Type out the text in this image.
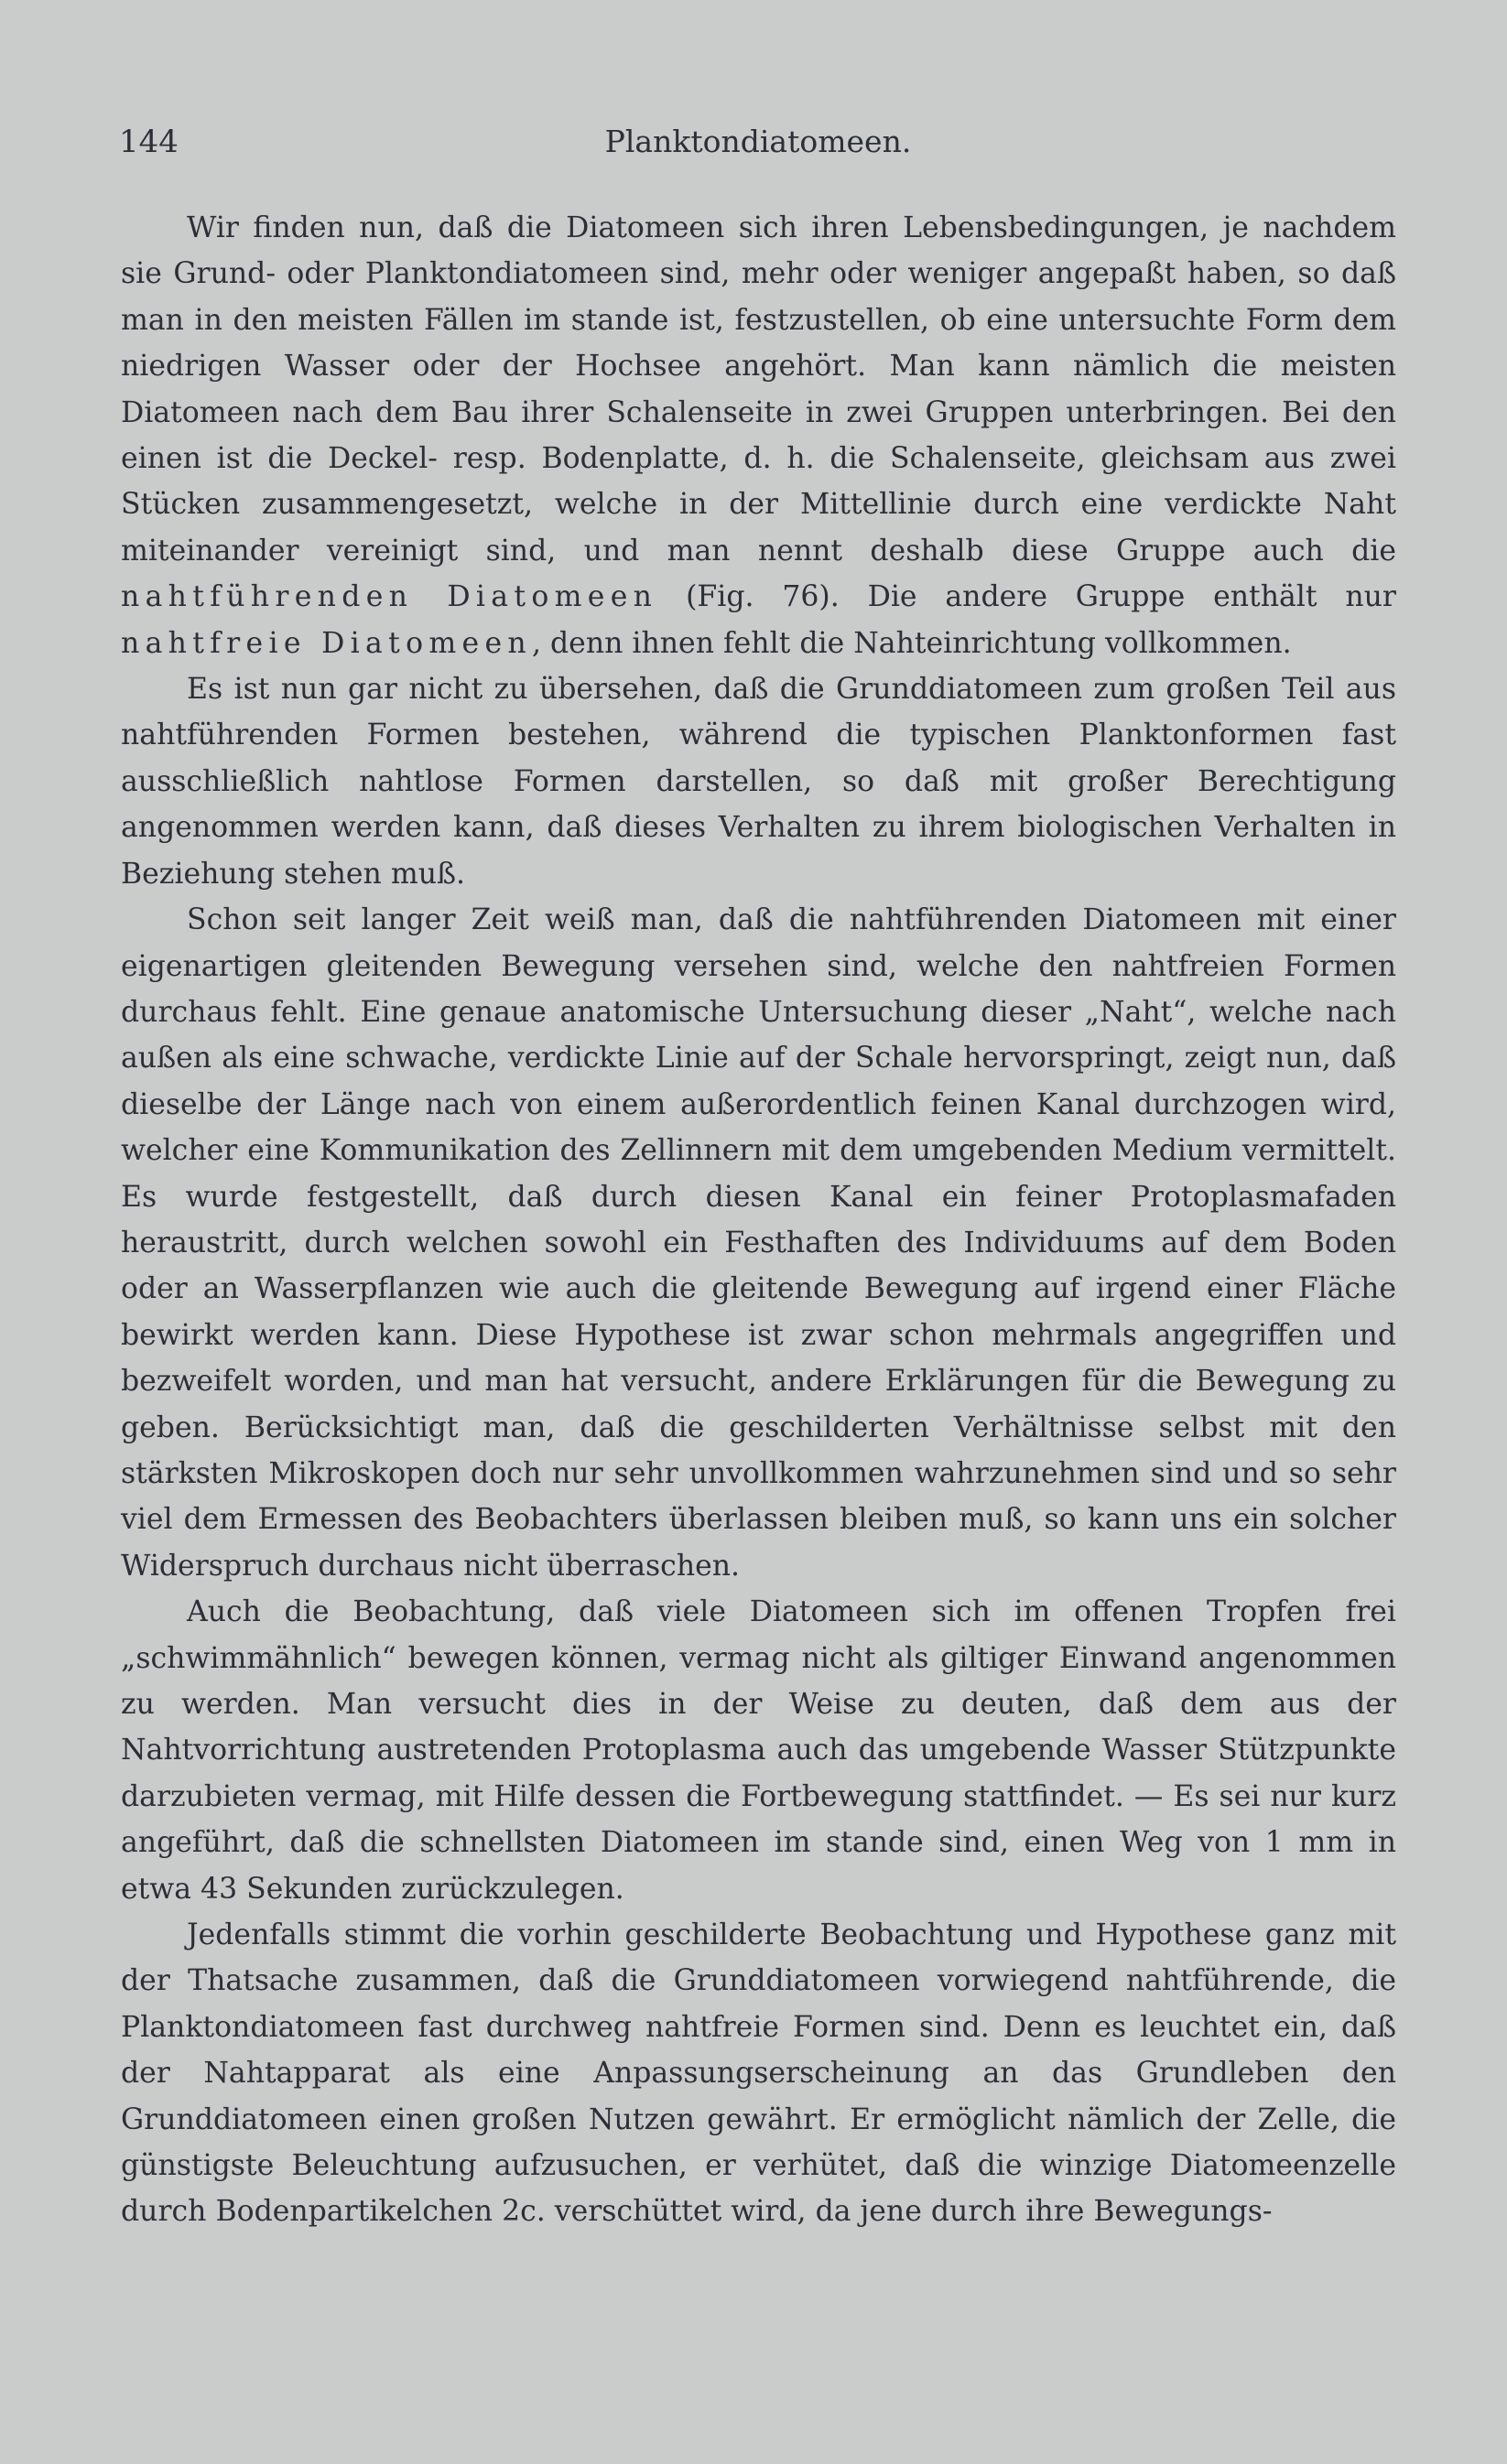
144	Planktondiatomeen.

Wir finden nun, daß die Diatomeen sich ihren Lebensbedingungen, je nachdem sie Grund- oder Planktondiatomeen sind, mehr oder weniger angepaßt haben, so daß man in den meisten Fällen im stande ist, festzustellen, ob eine untersuchte Form dem niedrigen Wasser oder der Hochsee angehört. Man kann nämlich die meisten Diatomeen nach dem Bau ihrer Schalenseite in zwei Gruppen unterbringen. Bei den einen ist die Deckel- resp. Bodenplatte, d. h. die Schalenseite, gleichsam aus zwei Stücken zusammengesetzt, welche in der Mittellinie durch eine verdickte Naht miteinander vereinigt sind, und man nennt deshalb diese Gruppe auch die nahtführenden Diatomeen (Fig. 76). Die andere Gruppe enthält nur nahtfreie Diatomeen, denn ihnen fehlt die Nahteinrichtung vollkommen.

Es ist nun gar nicht zu übersehen, daß die Grunddiatomeen zum großen Teil aus nahtführenden Formen bestehen, während die typischen Planktonformen fast ausschließlich nahtlose Formen darstellen, so daß mit großer Berechtigung angenommen werden kann, daß dieses Verhalten zu ihrem biologischen Verhalten in Beziehung stehen muß.

Schon seit langer Zeit weiß man, daß die nahtführenden Diatomeen mit einer eigenartigen gleitenden Bewegung versehen sind, welche den nahtfreien Formen durchaus fehlt. Eine genaue anatomische Untersuchung dieser „Naht“, welche nach außen als eine schwache, verdickte Linie auf der Schale hervorspringt, zeigt nun, daß dieselbe der Länge nach von einem außerordentlich feinen Kanal durchzogen wird, welcher eine Kommunikation des Zellinnern mit dem umgebenden Medium vermittelt. Es wurde festgestellt, daß durch diesen Kanal ein feiner Protoplasmafaden heraustritt, durch welchen sowohl ein Festhaften des Individuums auf dem Boden oder an Wasserpflanzen wie auch die gleitende Bewegung auf irgend einer Fläche bewirkt werden kann. Diese Hypothese ist zwar schon mehrmals angegriffen und bezweifelt worden, und man hat versucht, andere Erklärungen für die Bewegung zu geben. Berücksichtigt man, daß die geschilderten Verhältnisse selbst mit den stärksten Mikroskopen doch nur sehr unvollkommen wahrzunehmen sind und so sehr viel dem Ermessen des Beobachters überlassen bleiben muß, so kann uns ein solcher Widerspruch durchaus nicht überraschen.

Auch die Beobachtung, daß viele Diatomeen sich im offenen Tropfen frei „schwimmähnlich“ bewegen können, vermag nicht als giltiger Einwand angenommen zu werden. Man versucht dies in der Weise zu deuten, daß dem aus der Nahtvorrichtung austretenden Protoplasma auch das umgebende Wasser Stützpunkte darzubieten vermag, mit Hilfe dessen die Fortbewegung stattfindet. — Es sei nur kurz angeführt, daß die schnellsten Diatomeen im stande sind, einen Weg von 1 mm in etwa 43 Sekunden zurückzulegen.

Jedenfalls stimmt die vorhin geschilderte Beobachtung und Hypothese ganz mit der Thatsache zusammen, daß die Grunddiatomeen vorwiegend nahtführende, die Planktondiatomeen fast durchweg nahtfreie Formen sind. Denn es leuchtet ein, daß der Nahtapparat als eine Anpassungserscheinung an das Grundleben den Grunddiatomeen einen großen Nutzen gewährt. Er ermöglicht nämlich der Zelle, die günstigste Beleuchtung aufzusuchen, er verhütet, daß die winzige Diatomeenzelle durch Bodenpartikelchen 2c. verschüttet wird, da jene durch ihre Bewegungs-
